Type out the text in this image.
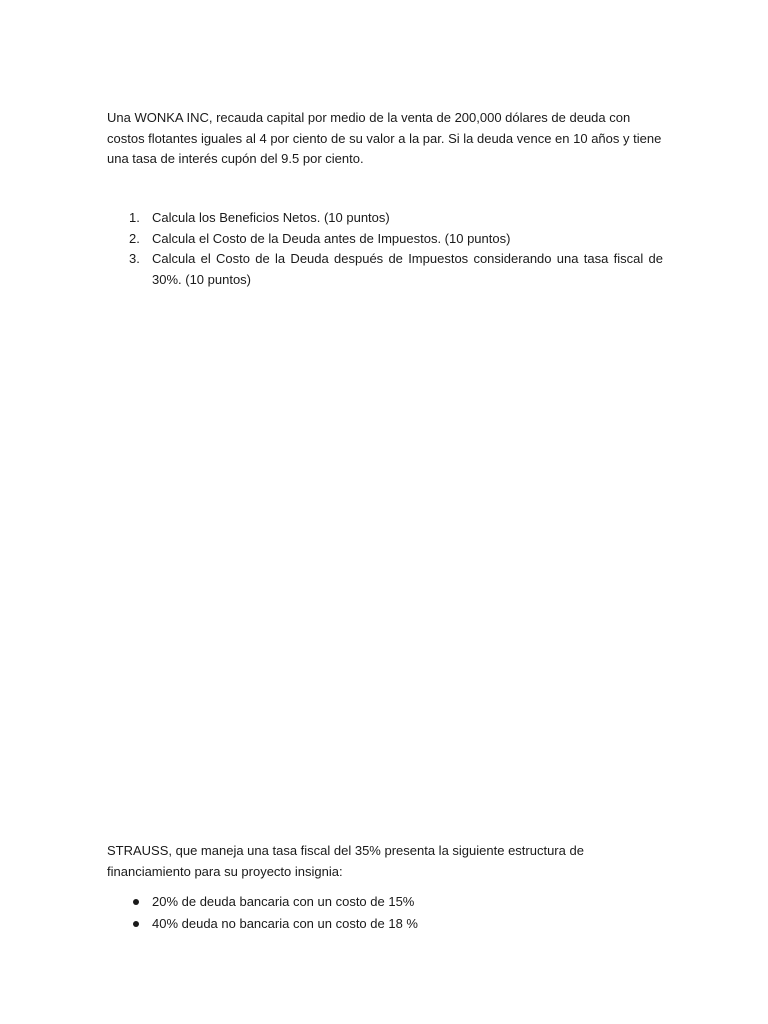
Una WONKA INC, recauda capital por medio de la venta de 200,000 dólares de deuda con costos flotantes iguales al 4 por ciento de su valor a la par. Si la deuda vence en 10 años y tiene una tasa de interés cupón del 9.5 por ciento.

1. Calcula los Beneficios Netos. (10 puntos)
2. Calcula el Costo de la Deuda antes de Impuestos. (10 puntos)
3. Calcula el Costo de la Deuda después de Impuestos considerando una tasa fiscal de 30%. (10 puntos)

STRAUSS, que maneja una tasa fiscal del 35% presenta la siguiente estructura de financiamiento para su proyecto insignia:

20% de deuda bancaria con un costo de 15%
40% deuda no bancaria con un costo de 18 %
